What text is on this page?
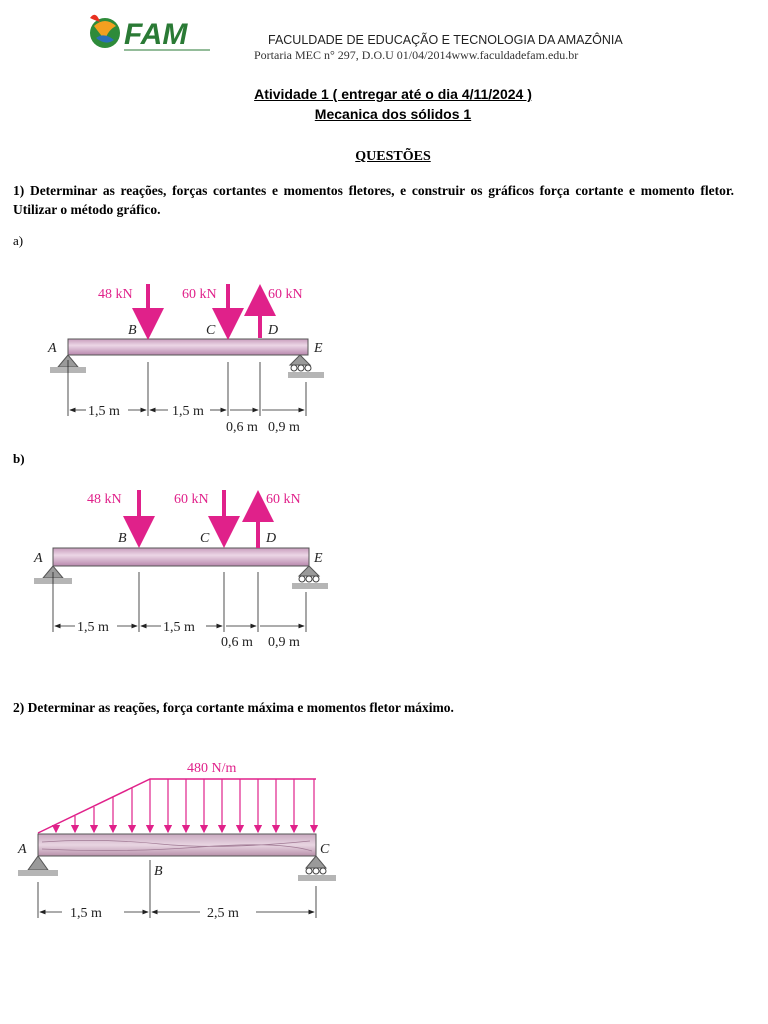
FAM	FACULDADE DE EDUCAÇÃO E TECNOLOGIA DA AMAZÔNIA
Portaria MEC n° 297, D.O.U 01/04/2014www.faculdadefam.edu.br
Atividade 1 ( entregar até o dia 4/11/2024 )
Mecanica dos sólidos 1
QUESTÕES
1) Determinar as reações, forças cortantes e momentos fletores, e construir os gráficos força cortante e momento fletor. Utilizar o método gráfico.
a)
48 kN	60 kN	60 kN
A
B	C	D
E
1,5 m	1,5 m
0,6 m 0,9 m
b)
48 kN	60 kN	60 kN
A
B	C	D
E
1,5 m	1,5 m
0,6 m 0,9 m
2) Determinar as reações, força cortante máxima e momentos fletor máximo.
480 N/m
A
B
C
1,5 m	2,5 m
